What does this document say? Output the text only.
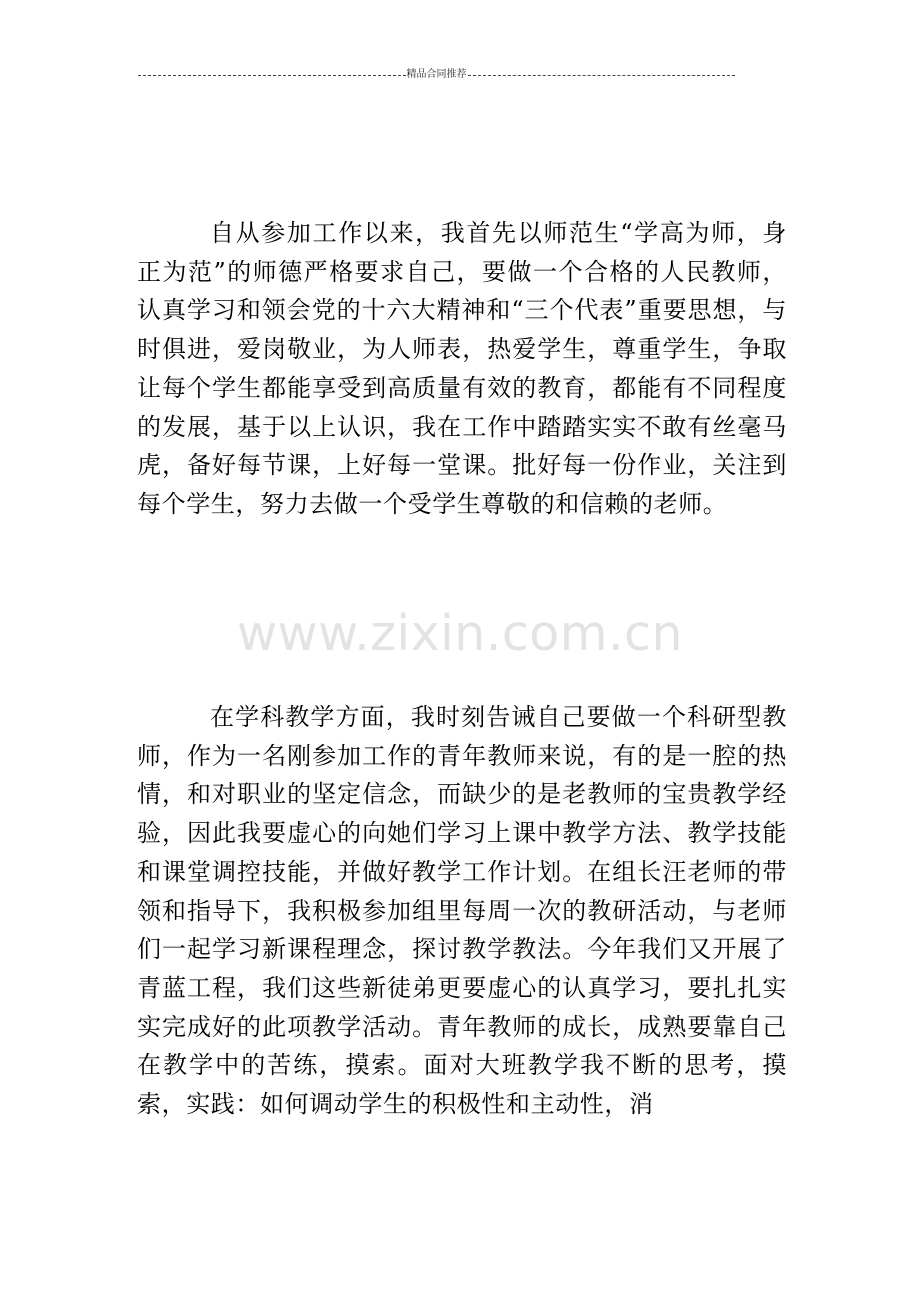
精品合同推荐

自从参加工作以来，我首先以师范生“学高为师，身正为范”的师德严格要求自己，要做一个合格的人民教师，认真学习和领会党的十六大精神和“三个代表”重要思想，与时俱进，爱岗敬业，为人师表，热爱学生，尊重学生，争取让每个学生都能享受到高质量有效的教育，都能有不同程度的发展，基于以上认识，我在工作中踏踏实实不敢有丝毫马虎，备好每节课，上好每一堂课。批好每一份作业，关注到每个学生，努力去做一个受学生尊敬的和信赖的老师。

www.zixin.com.cn

在学科教学方面，我时刻告诫自己要做一个科研型教师，作为一名刚参加工作的青年教师来说，有的是一腔的热情，和对职业的坚定信念，而缺少的是老教师的宝贵教学经验，因此我要虚心的向她们学习上课中教学方法、教学技能和课堂调控技能，并做好教学工作计划。在组长汪老师的带领和指导下，我积极参加组里每周一次的教研活动，与老师们一起学习新课程理念，探讨教学教法。今年我们又开展了青蓝工程，我们这些新徒弟更要虚心的认真学习，要扎扎实实完成好的此项教学活动。青年教师的成长，成熟要靠自己在教学中的苦练，摸索。面对大班教学我不断的思考，摸索，实践：如何调动学生的积极性和主动性，消
